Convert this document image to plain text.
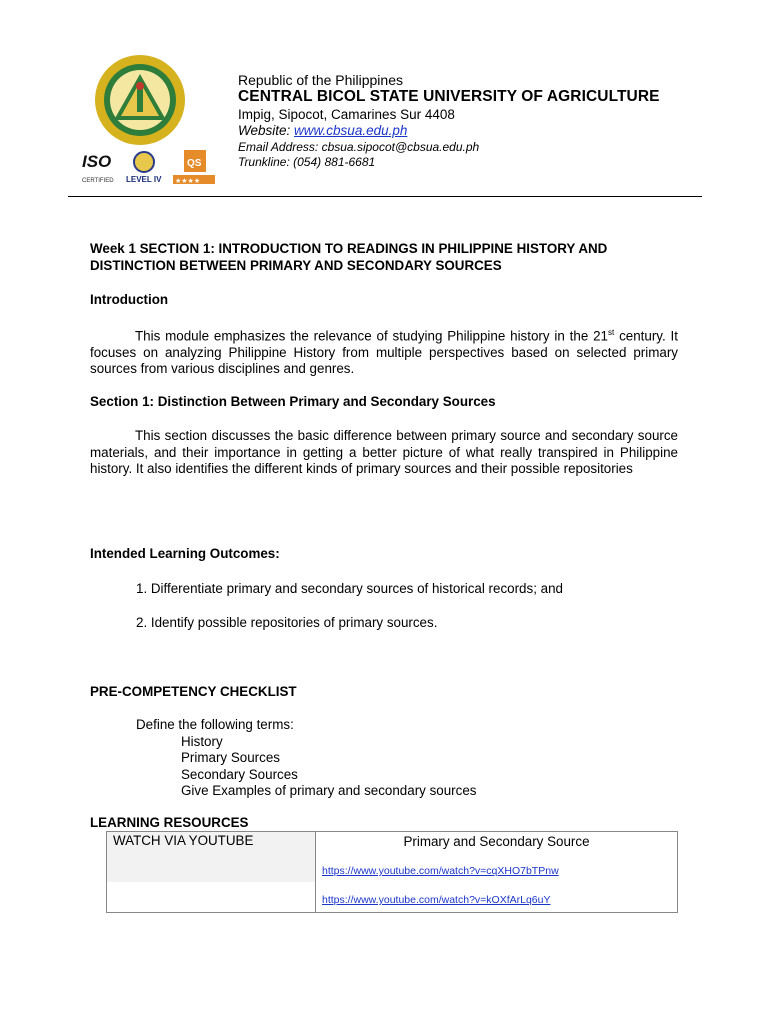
ISO
CERTIFIED LEVEL IV
QS
★★★★
Republic of the Philippines
CENTRAL BICOL STATE UNIVERSITY OF AGRICULTURE
Impig, Sipocot, Camarines Sur 4408
Website: www.cbsua.edu.ph
Email Address: cbsua.sipocot@cbsua.edu.ph
Trunkline: (054) 881-6681
Week 1 SECTION 1: INTRODUCTION TO READINGS IN PHILIPPINE HISTORY AND DISTINCTION BETWEEN PRIMARY AND SECONDARY SOURCES
Introduction
This module emphasizes the relevance of studying Philippine history in the 21st century. It focuses on analyzing Philippine History from multiple perspectives based on selected primary sources from various disciplines and genres.
Section 1: Distinction Between Primary and Secondary Sources
This section discusses the basic difference between primary source and secondary source materials, and their importance in getting a better picture of what really transpired in Philippine history. It also identifies the different kinds of primary sources and their possible repositories
Intended Learning Outcomes:
1. Differentiate primary and secondary sources of historical records; and
2. Identify possible repositories of primary sources.
PRE-COMPETENCY CHECKLIST
Define the following terms:
History
Primary Sources
Secondary Sources
Give Examples of primary and secondary sources
LEARNING RESOURCES
WATCH VIA YOUTUBE	Primary and Secondary Source
https://www.youtube.com/watch?v=cqXHO7bTPnw
https://www.youtube.com/watch?v=kOXfArLq6uY
